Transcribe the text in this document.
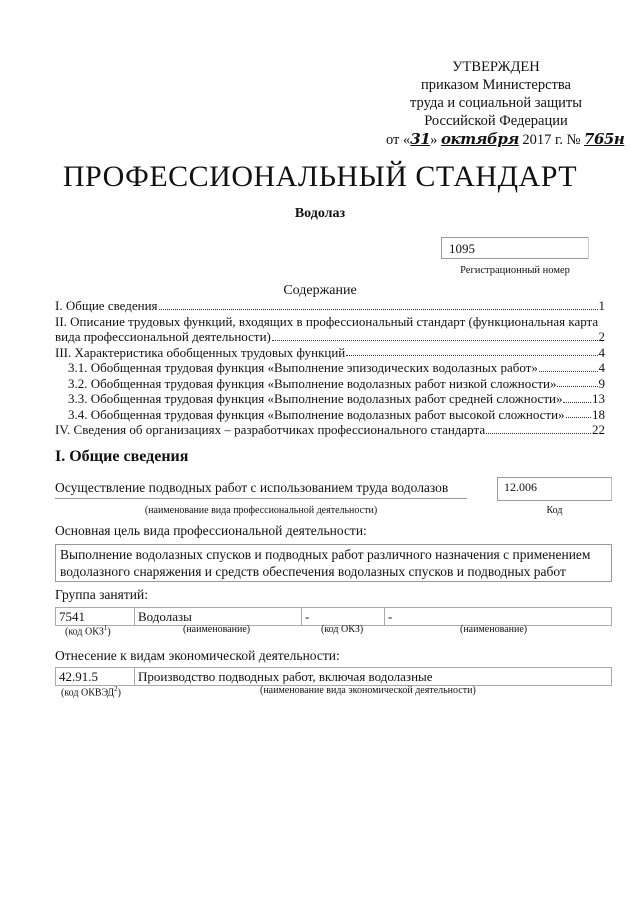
УТВЕРЖДЕН
приказом Министерства
труда и социальной защиты
Российской Федерации
от «31» октября 2017 г. № 765н
ПРОФЕССИОНАЛЬНЫЙ СТАНДАРТ
Водолаз
1095
Регистрационный номер
Содержание
I. Общие сведения	1
II. Описание трудовых функций, входящих в профессиональный стандарт (функциональная карта
вида профессиональной деятельности)	2
III. Характеристика обобщенных трудовых функций	4
3.1. Обобщенная трудовая функция «Выполнение эпизодических водолазных работ»	4
3.2. Обобщенная трудовая функция «Выполнение водолазных работ низкой сложности»	9
3.3. Обобщенная трудовая функция «Выполнение водолазных работ средней сложности» 13
3.4. Обобщенная трудовая функция «Выполнение водолазных работ высокой сложности» 18
IV. Сведения об организациях – разработчиках профессионального стандарта	22
I. Общие сведения
Осуществление подводных работ с использованием труда водолазов
(наименование вида профессиональной деятельности)
12.006
Код
Основная цель вида профессиональной деятельности:
Выполнение водолазных спусков и подводных работ различного назначения с применением водолазного снаряжения и средств обеспечения водолазных спусков и подводных работ
Группа занятий:
7541	Водолазы	-	-
(код ОКЗ$^1$)	(наименование)	(код ОКЗ)	(наименование)
Отнесение к видам экономической деятельности:
42.91.5	Производство подводных работ, включая водолазные
(код ОКВЭД$^2$)	(наименование вида экономической деятельности)
